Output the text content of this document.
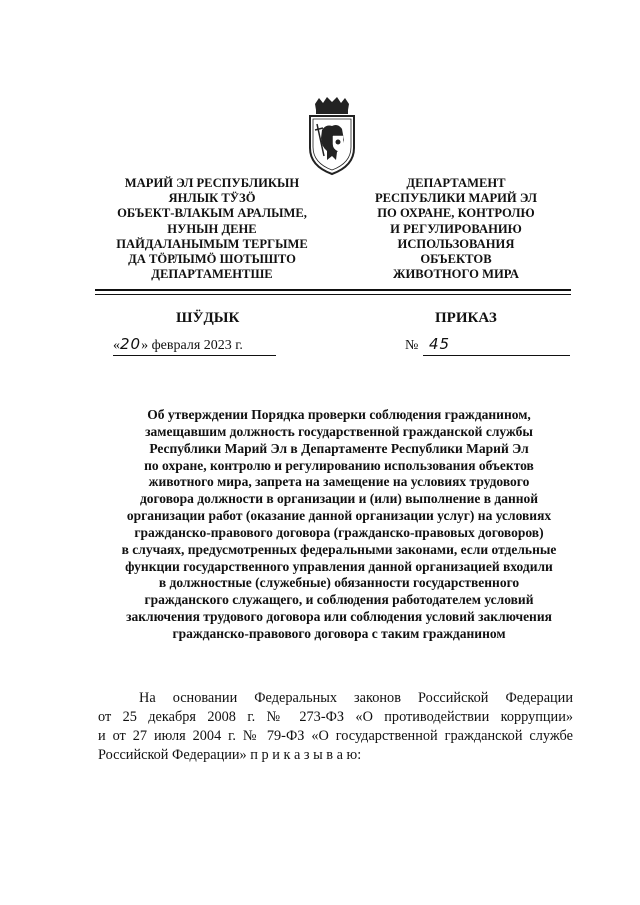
МАРИЙ ЭЛ РЕСПУБЛИКЫН
ЯНЛЫК ТӰЗӦ
ОБЪЕКТ-ВЛАКЫМ АРАЛЫМЕ,
НУНЫН ДЕНЕ
ПАЙДАЛАНЫМЫМ ТЕРГЫМЕ
ДА ТӦРЛЫМӦ ШОТЫШТО
ДЕПАРТАМЕНТШЕ
ДЕПАРТАМЕНТ
РЕСПУБЛИКИ МАРИЙ ЭЛ
ПО ОХРАНЕ, КОНТРОЛЮ
И РЕГУЛИРОВАНИЮ
ИСПОЛЬЗОВАНИЯ
ОБЪЕКТОВ
ЖИВОТНОГО МИРА
ШӰДЫК	ПРИКАЗ
«20» февраля 2023 г.	№ 45
Об утверждении Порядка проверки соблюдения гражданином,
замещавшим должность государственной гражданской службы
Республики Марий Эл в Департаменте Республики Марий Эл
по охране, контролю и регулированию использования объектов
животного мира, запрета на замещение на условиях трудового
договора должности в организации и (или) выполнение в данной
организации работ (оказание данной организации услуг) на условиях
гражданско-правового договора (гражданско-правовых договоров)
в случаях, предусмотренных федеральными законами, если отдельные
функции государственного управления данной организацией входили
в должностные (служебные) обязанности государственного
гражданского служащего, и соблюдения работодателем условий
заключения трудового договора или соблюдения условий заключения
гражданско-правового договора с таким гражданином
На основании Федеральных законов Российской Федерации
от 25 декабря 2008 г. № 273-ФЗ «О противодействии коррупции»
и от 27 июля 2004 г. № 79-ФЗ «О государственной гражданской службе
Российской Федерации» п р и к а з ы в а ю:
